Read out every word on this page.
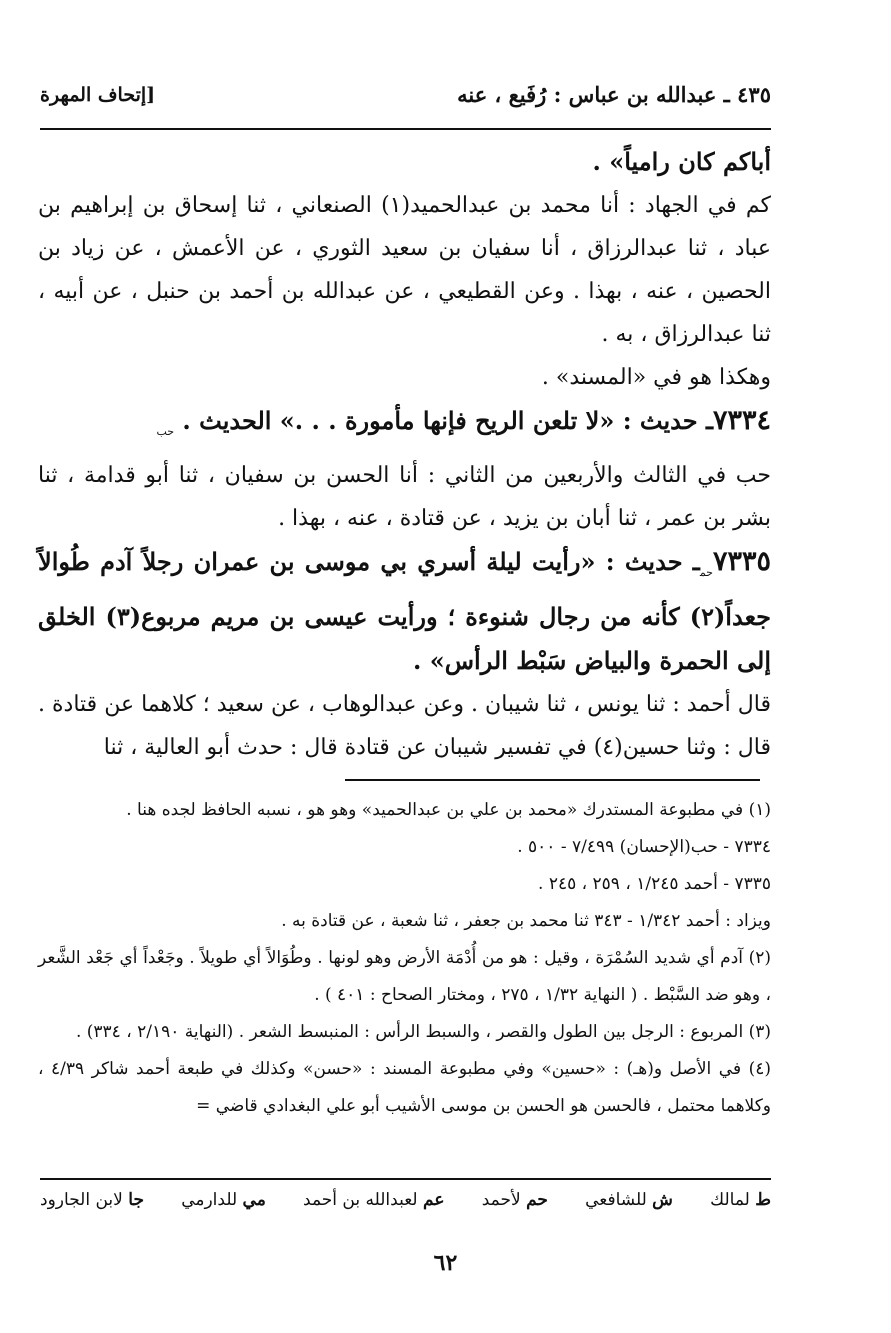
٤٣٥ ـ عبدالله بن عباس : رُفَيع ، عنه
[إتحاف المهرة

أباكم كان رامياً» .

كم في الجهاد : أنا محمد بن عبدالحميد(١) الصنعاني ، ثنا إسحاق بن إبراهيم بن عباد ، ثنا عبدالرزاق ، أنا سفيان بن سعيد الثوري ، عن الأعمش ، عن زياد بن الحصين ، عنه ، بهذا . وعن القطيعي ، عن عبدالله بن أحمد بن حنبل ، عن أبيه ، ثنا عبدالرزاق ، به .

وهكذا هو في «المسند» .

٧٣٣٤ـ حديث : «لا تلعن الريح فإنها مأمورة . . .» الحديث . $_{حب}$

حب في الثالث والأربعين من الثاني : أنا الحسن بن سفيان ، ثنا أبو قدامة ، ثنا بشر بن عمر ، ثنا أبان بن يزيد ، عن قتادة ، عنه ، بهذا .

$٧٣٣٥_{حم}ـ$ حديث : «رأيت ليلة أسري بي موسى بن عمران رجلاً آدم طُوالاً جعداً(٢) كأنه من رجال شنوءة ؛ ورأيت عيسى بن مريم مربوع(٣) الخلق إلى الحمرة والبياض سَبْط الرأس» .

قال أحمد : ثنا يونس ، ثنا شيبان . وعن عبدالوهاب ، عن سعيد ؛ كلاهما عن قتادة . قال : وثنا حسين(٤) في تفسير شيبان عن قتادة قال : حدث أبو العالية ، ثنا

(١) في مطبوعة المستدرك «محمد بن علي بن عبدالحميد» وهو هو ، نسبه الحافظ لجده هنا .

٧٣٣٤ - حب(الإحسان) ٧/٤٩٩ - ٥٠٠ .

٧٣٣٥ - أحمد ١/٢٤٥ ، ٢٥٩ ، ٢٤٥ .

ويزاد : أحمد ١/٣٤٢ - ٣٤٣ ثنا محمد بن جعفر ، ثنا شعبة ، عن قتادة به .

(٢) آدم أي شديد السُمْرَة ، وقيل : هو من أُدْمَة الأرض وهو لونها . وطُوَالاً أي طويلاً . وجَعْداً أي جَعْد الشَّعر ، وهو ضد السَّبْط . ( النهاية ١/٣٢ ، ٢٧٥ ، ومختار الصحاح : ٤٠١ ) .

(٣) المربوع : الرجل بين الطول والقصر ، والسبط الرأس : المنبسط الشعر . (النهاية ٢/١٩٠ ، ٣٣٤) .

(٤) في الأصل و(هـ) : «حسين» وفي مطبوعة المسند : «حسن» وكذلك في طبعة أحمد شاكر ٤/٣٩ ، وكلاهما محتمل ، فالحسن هو الحسن بن موسى الأشيب أبو علي البغدادي قاضي =

ط لمالك
ش للشافعي
حم لأحمد
عم لعبدالله بن أحمد
مي للدارمي
جا لابن الجارود
٦٢
